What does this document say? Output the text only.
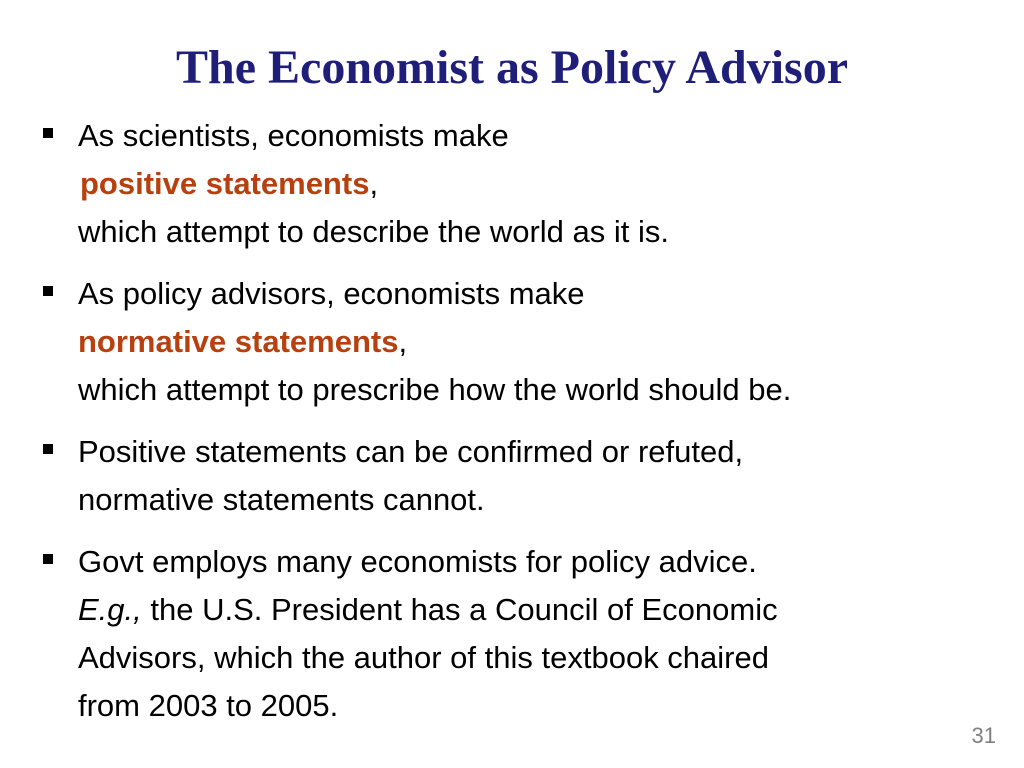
The Economist as Policy Advisor
As scientists, economists make
positive statements,
which attempt to describe the world as it is.
As policy advisors, economists make
normative statements,
which attempt to prescribe how the world should be.
Positive statements can be confirmed or refuted,
normative statements cannot.
Govt employs many economists for policy advice.
E.g., the U.S. President has a Council of Economic
Advisors, which the author of this textbook chaired
from 2003 to 2005.
31
